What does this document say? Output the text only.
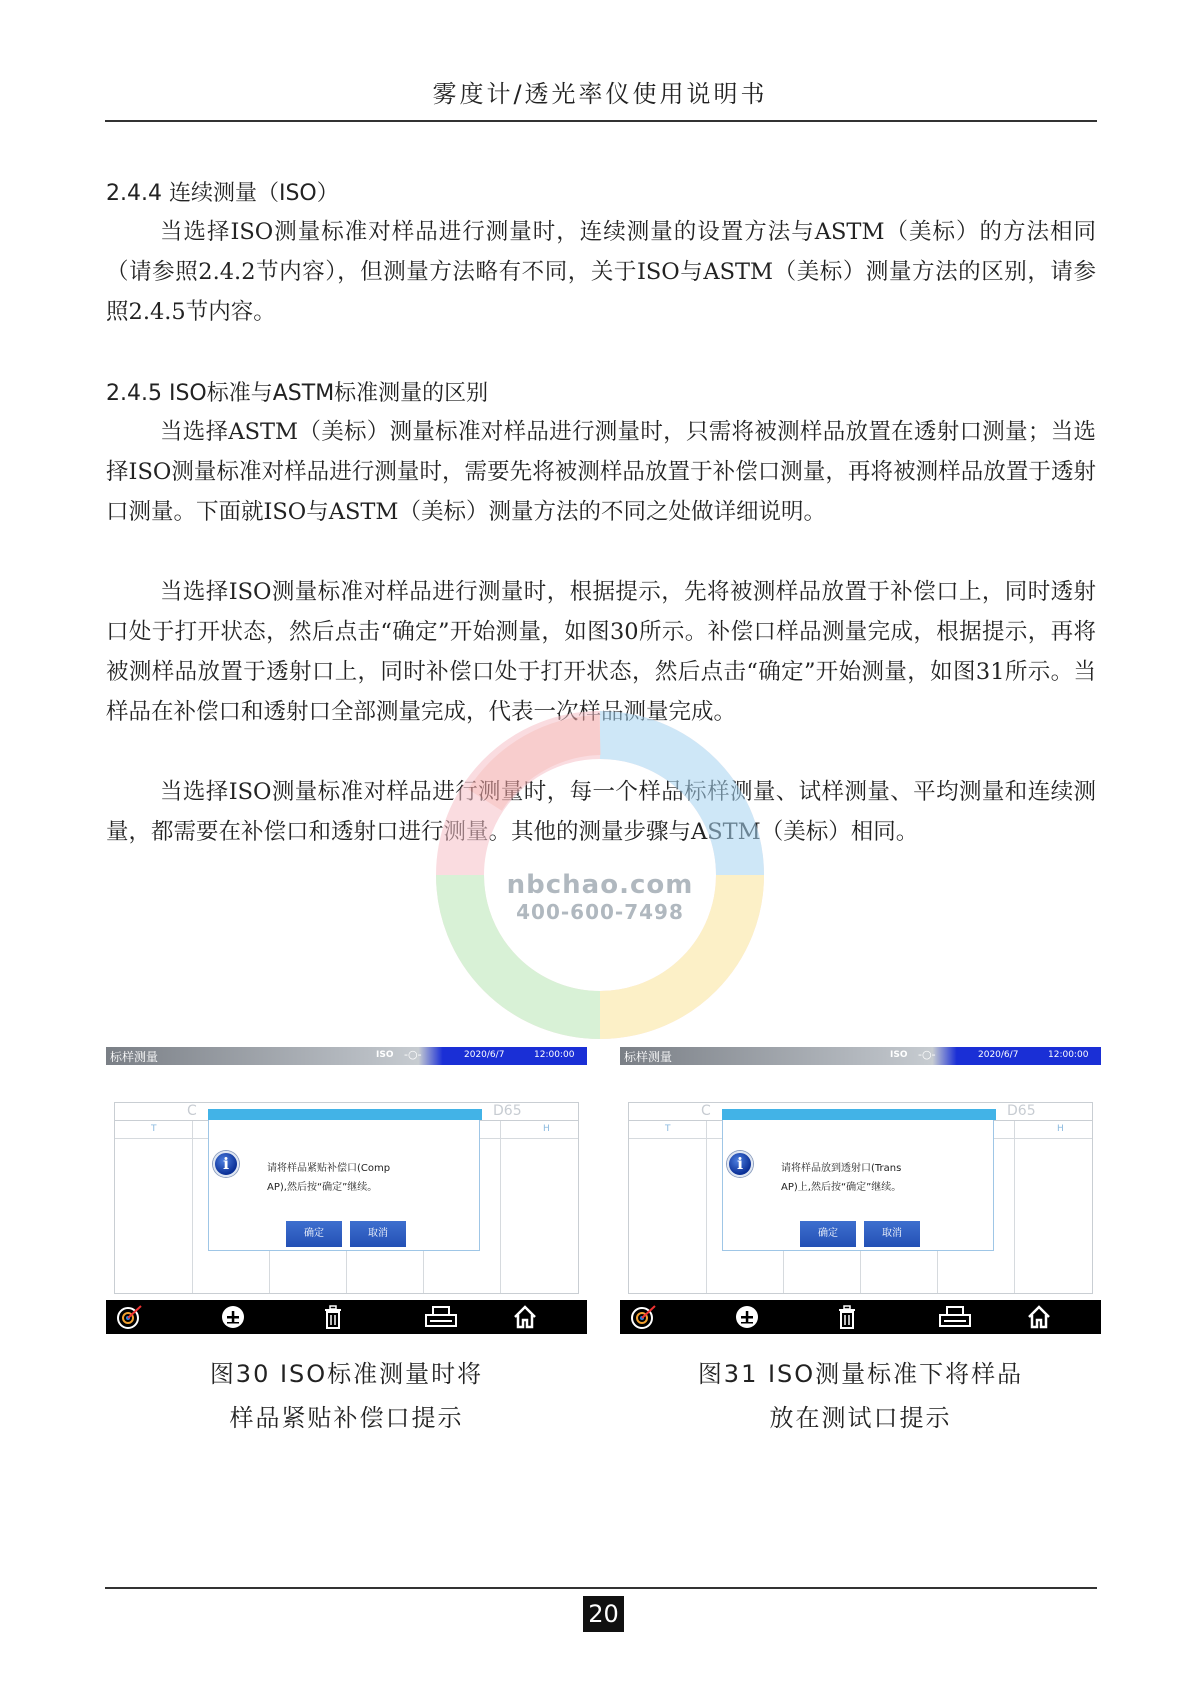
雾度计/透光率仪使用说明书
2.4.4 连续测量（ISO）

当选择ISO测量标准对样品进行测量时，连续测量的设置方法与ASTM（美标）的方法相同（请参照2.4.2节内容），但测量方法略有不同，关于ISO与ASTM（美标）测量方法的区别，请参照2.4.5节内容。

2.4.5 ISO标准与ASTM标准测量的区别

当选择ASTM（美标）测量标准对样品进行测量时，只需将被测样品放置在透射口测量；当选择ISO测量标准对样品进行测量时，需要先将被测样品放置于补偿口测量，再将被测样品放置于透射口测量。下面就ISO与ASTM（美标）测量方法的不同之处做详细说明。

当选择ISO测量标准对样品进行测量时，根据提示，先将被测样品放置于补偿口上，同时透射口处于打开状态，然后点击“确定”开始测量，如图30所示。补偿口样品测量完成，根据提示，再将被测样品放置于透射口上，同时补偿口处于打开状态，然后点击“确定”开始测量，如图31所示。当样品在补偿口和透射口全部测量完成，代表一次样品测量完成。

当选择ISO测量标准对样品进行测量时，每一个样品标样测量、试样测量、平均测量和连续测量，都需要在补偿口和透射口进行测量。其他的测量步骤与ASTM（美标）相同。

nbchao.com
400-600-7498
标样测量	ISO -○-	2020/6/7	12:00:00
C	D65
T	H
i	请将样品紧贴补偿口(Comp
AP),然后按“确定”继续。
确定	取消
标样测量	ISO -○-	2020/6/7	12:00:00
C	D65
T	H
i	请将样品放到透射口(Trans
AP)上,然后按“确定”继续。
确定	取消
图30 ISO标准测量时将
样品紧贴补偿口提示
图31 ISO测量标准下将样品
放在测试口提示
20
